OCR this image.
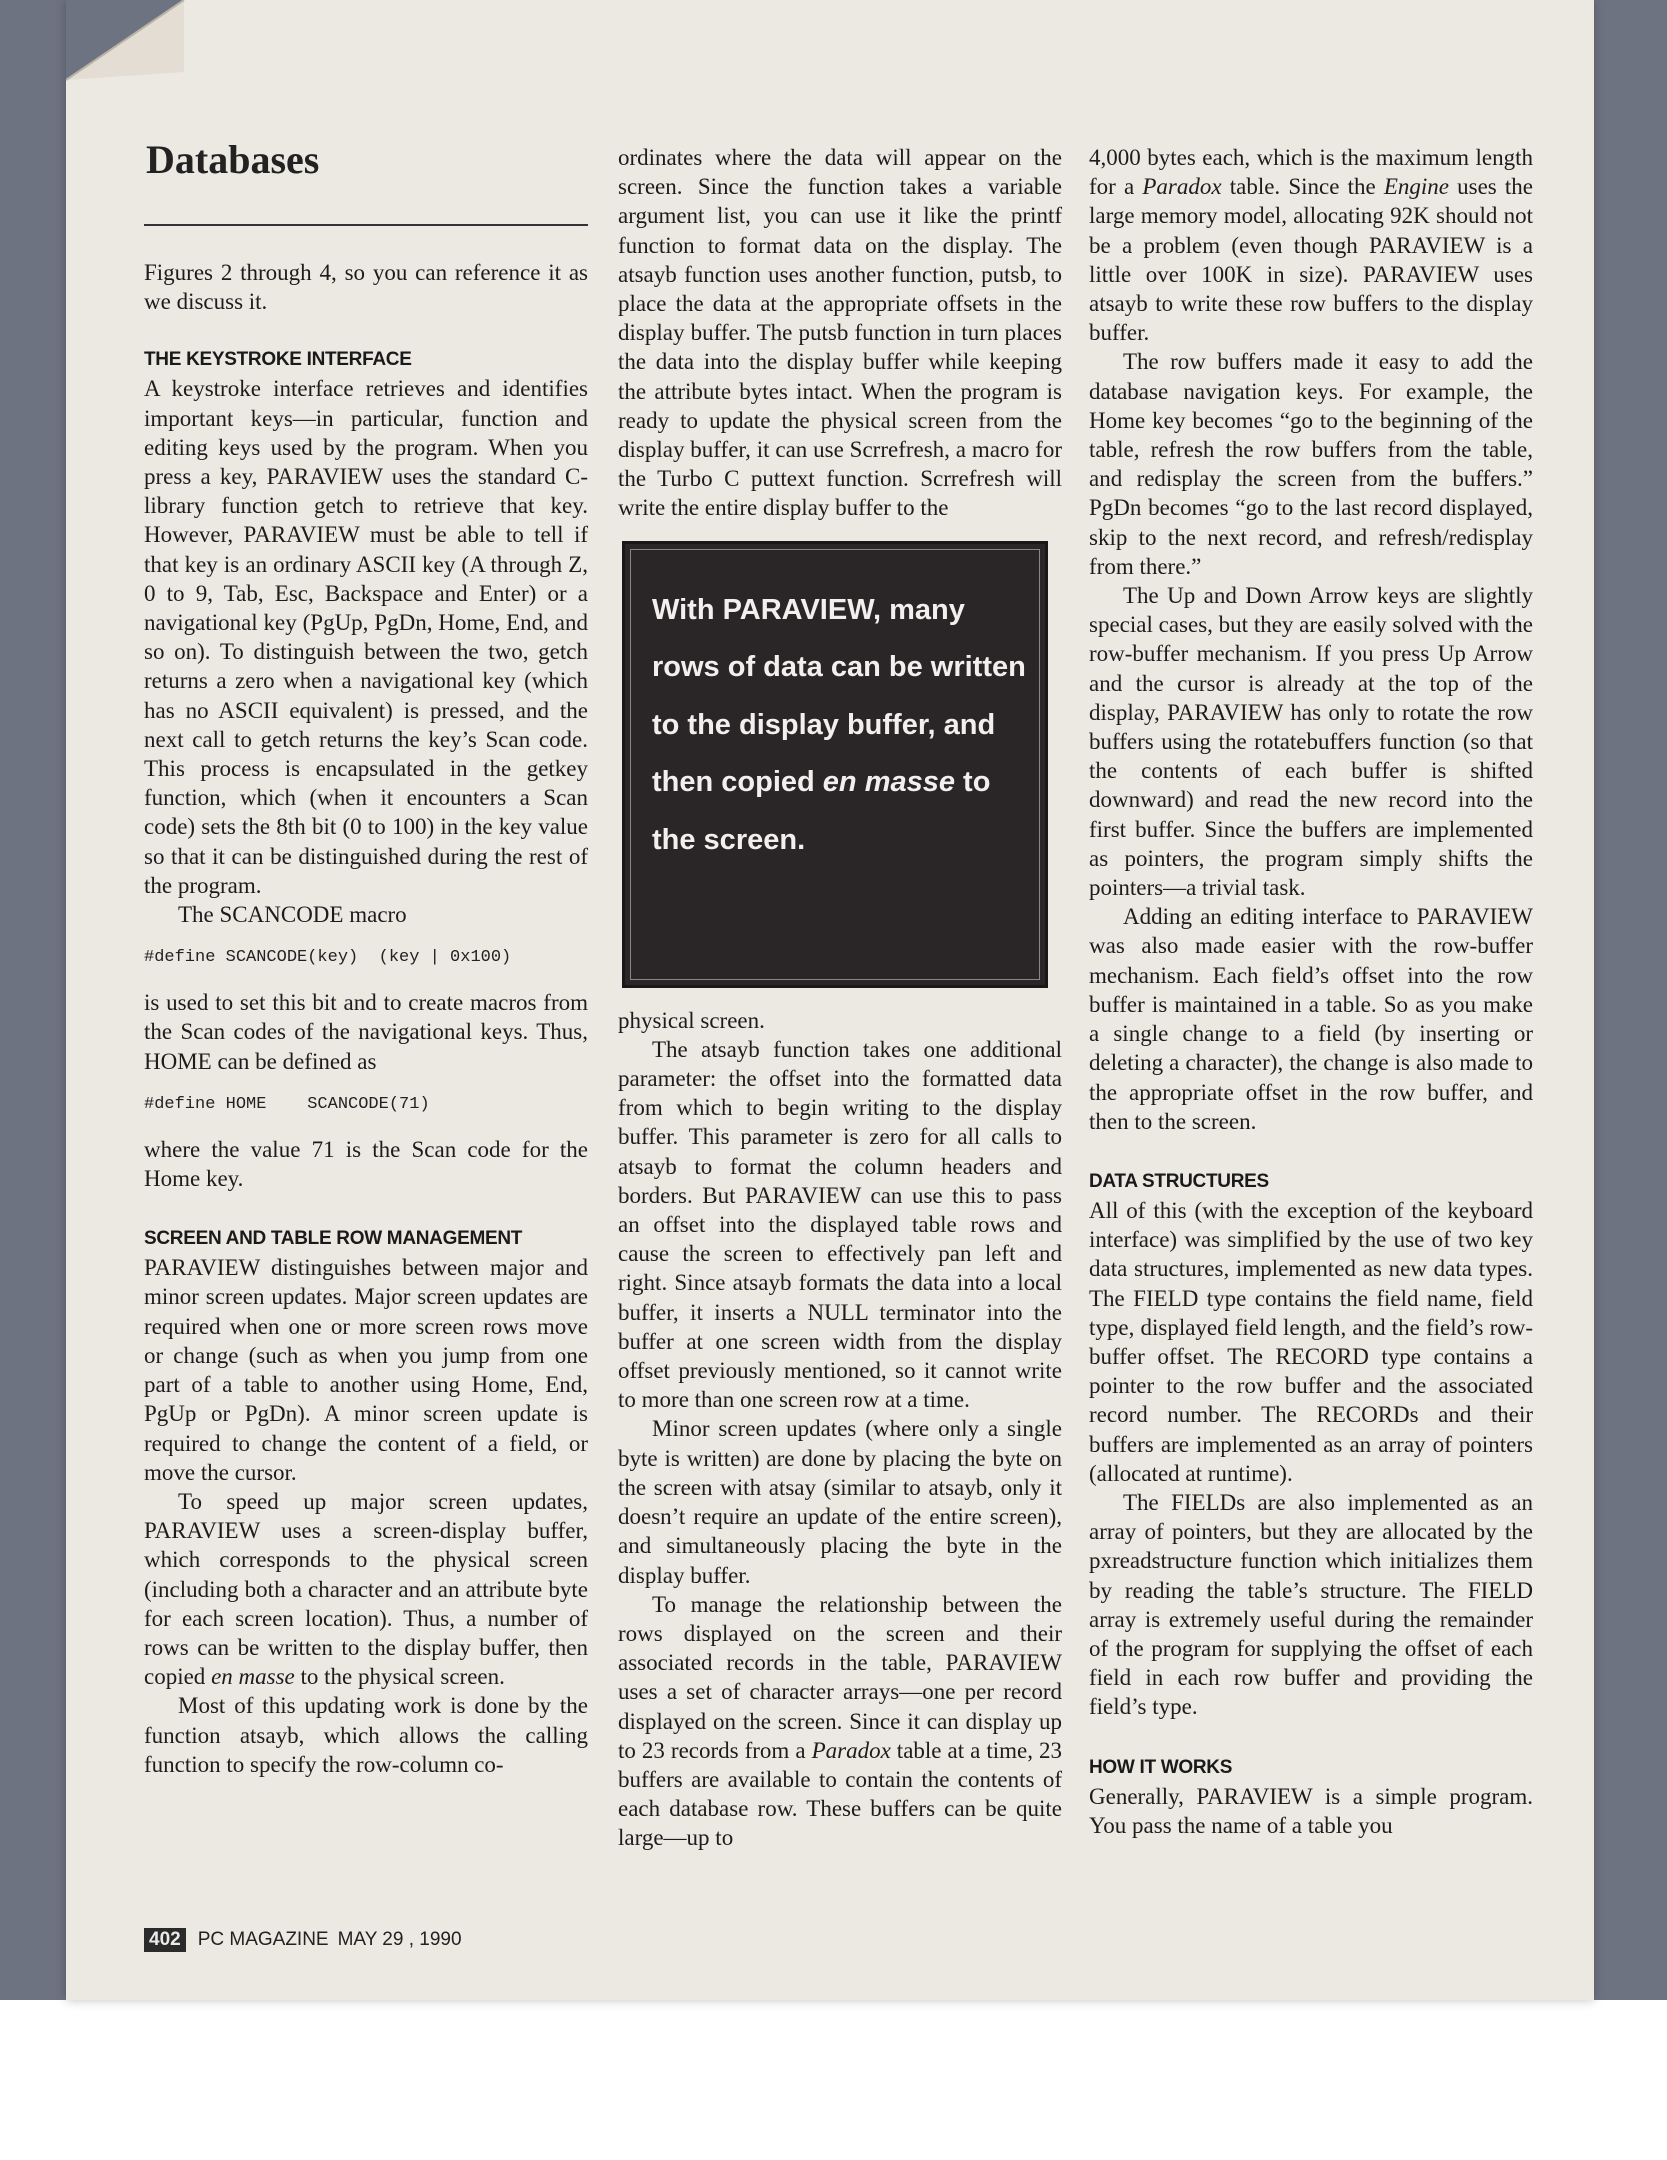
Databases

Figures 2 through 4, so you can reference it as we discuss it.

THE KEYSTROKE INTERFACE

A keystroke interface retrieves and identifies important keys—in particular, function and editing keys used by the program. When you press a key, PARAVIEW uses the standard C-library function getch to retrieve that key. However, PARAVIEW must be able to tell if that key is an ordinary ASCII key (A through Z, 0 to 9, Tab, Esc, Backspace and Enter) or a navigational key (PgUp, PgDn, Home, End, and so on). To distinguish between the two, getch returns a zero when a navigational key (which has no ASCII equivalent) is pressed, and the next call to getch returns the key’s Scan code. This process is encapsulated in the getkey function, which (when it encounters a Scan code) sets the 8th bit (0 to 100) in the key value so that it can be distinguished during the rest of the program.

The SCANCODE macro

#define SCANCODE(key)  (key | 0x100)

is used to set this bit and to create macros from the Scan codes of the navigational keys. Thus, HOME can be defined as

#define HOME    SCANCODE(71)

where the value 71 is the Scan code for the Home key.

SCREEN AND TABLE ROW MANAGEMENT

PARAVIEW distinguishes between major and minor screen updates. Major screen updates are required when one or more screen rows move or change (such as when you jump from one part of a table to another using Home, End, PgUp or PgDn). A minor screen update is required to change the content of a field, or move the cursor.

To speed up major screen updates, PARAVIEW uses a screen-display buffer, which corresponds to the physical screen (including both a character and an attribute byte for each screen location). Thus, a number of rows can be written to the display buffer, then copied en masse to the physical screen.

Most of this updating work is done by the function atsayb, which allows the calling function to specify the row-column co-

ordinates where the data will appear on the screen. Since the function takes a variable argument list, you can use it like the printf function to format data on the display. The atsayb function uses another function, putsb, to place the data at the appropriate offsets in the display buffer. The putsb function in turn places the data into the display buffer while keeping the attribute bytes intact. When the program is ready to update the physical screen from the display buffer, it can use Scrrefresh, a macro for the Turbo C puttext function. Scrrefresh will write the entire display buffer to the

With PARAVIEW, many rows of data can be written to the display buffer, and then copied en masse to the screen.

physical screen.

The atsayb function takes one additional parameter: the offset into the formatted data from which to begin writing to the display buffer. This parameter is zero for all calls to atsayb to format the column headers and borders. But PARAVIEW can use this to pass an offset into the displayed table rows and cause the screen to effectively pan left and right. Since atsayb formats the data into a local buffer, it inserts a NULL terminator into the buffer at one screen width from the display offset previously mentioned, so it cannot write to more than one screen row at a time.

Minor screen updates (where only a single byte is written) are done by placing the byte on the screen with atsay (similar to atsayb, only it doesn’t require an update of the entire screen), and simultaneously placing the byte in the display buffer.

To manage the relationship between the rows displayed on the screen and their associated records in the table, PARAVIEW uses a set of character arrays—one per record displayed on the screen. Since it can display up to 23 records from a Paradox table at a time, 23 buffers are available to contain the contents of each database row. These buffers can be quite large—up to

4,000 bytes each, which is the maximum length for a Paradox table. Since the Engine uses the large memory model, allocating 92K should not be a problem (even though PARAVIEW is a little over 100K in size). PARAVIEW uses atsayb to write these row buffers to the display buffer.

The row buffers made it easy to add the database navigation keys. For example, the Home key becomes “go to the beginning of the table, refresh the row buffers from the table, and redisplay the screen from the buffers.” PgDn becomes “go to the last record displayed, skip to the next record, and refresh/redisplay from there.”

The Up and Down Arrow keys are slightly special cases, but they are easily solved with the row-buffer mechanism. If you press Up Arrow and the cursor is already at the top of the display, PARAVIEW has only to rotate the row buffers using the rotatebuffers function (so that the contents of each buffer is shifted downward) and read the new record into the first buffer. Since the buffers are implemented as pointers, the program simply shifts the pointers—a trivial task.

Adding an editing interface to PARAVIEW was also made easier with the row-buffer mechanism. Each field’s offset into the row buffer is maintained in a table. So as you make a single change to a field (by inserting or deleting a character), the change is also made to the appropriate offset in the row buffer, and then to the screen.

DATA STRUCTURES

All of this (with the exception of the keyboard interface) was simplified by the use of two key data structures, implemented as new data types. The FIELD type contains the field name, field type, displayed field length, and the field’s row-buffer offset. The RECORD type contains a pointer to the row buffer and the associated record number. The RECORDs and their buffers are implemented as an array of pointers (allocated at runtime).

The FIELDs are also implemented as an array of pointers, but they are allocated by the pxreadstructure function which initializes them by reading the table’s structure. The FIELD array is extremely useful during the remainder of the program for supplying the offset of each field in each row buffer and providing the field’s type.

HOW IT WORKS

Generally, PARAVIEW is a simple program. You pass the name of a table you

402 PC MAGAZINE MAY 29 , 1990
